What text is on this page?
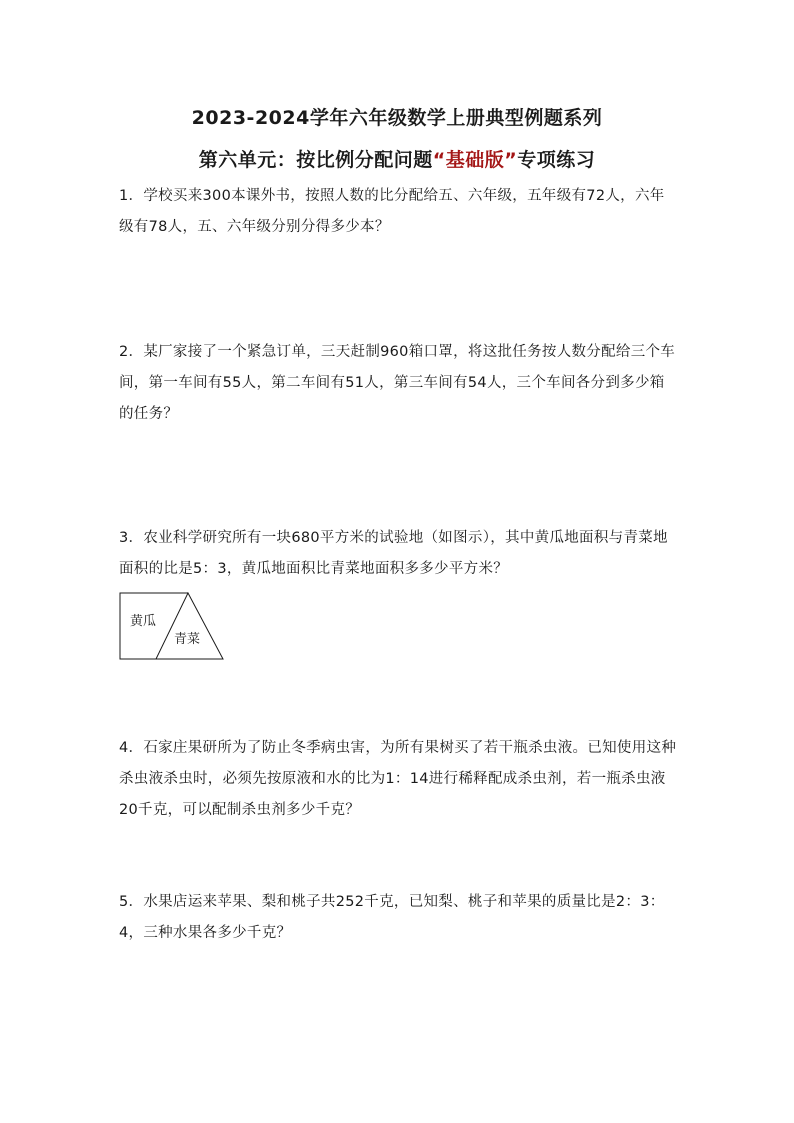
2023-2024学年六年级数学上册典型例题系列
第六单元：按比例分配问题“基础版”专项练习
1．学校买来300本课外书，按照人数的比分配给五、六年级，五年级有72人，六年级有78人，五、六年级分别分得多少本？
2．某厂家接了一个紧急订单，三天赶制960箱口罩，将这批任务按人数分配给三个车间，第一车间有55人，第二车间有51人，第三车间有54人，三个车间各分到多少箱的任务？
3．农业科学研究所有一块680平方米的试验地（如图示），其中黄瓜地面积与青菜地面积的比是5：3，黄瓜地面积比青菜地面积多多少平方米？
黄瓜
青菜
4．石家庄果研所为了防止冬季病虫害，为所有果树买了若干瓶杀虫液。已知使用这种杀虫液杀虫时，必须先按原液和水的比为1：14进行稀释配成杀虫剂，若一瓶杀虫液20千克，可以配制杀虫剂多少千克？
5．水果店运来苹果、梨和桃子共252千克，已知梨、桃子和苹果的质量比是2：3：4，三种水果各多少千克？
